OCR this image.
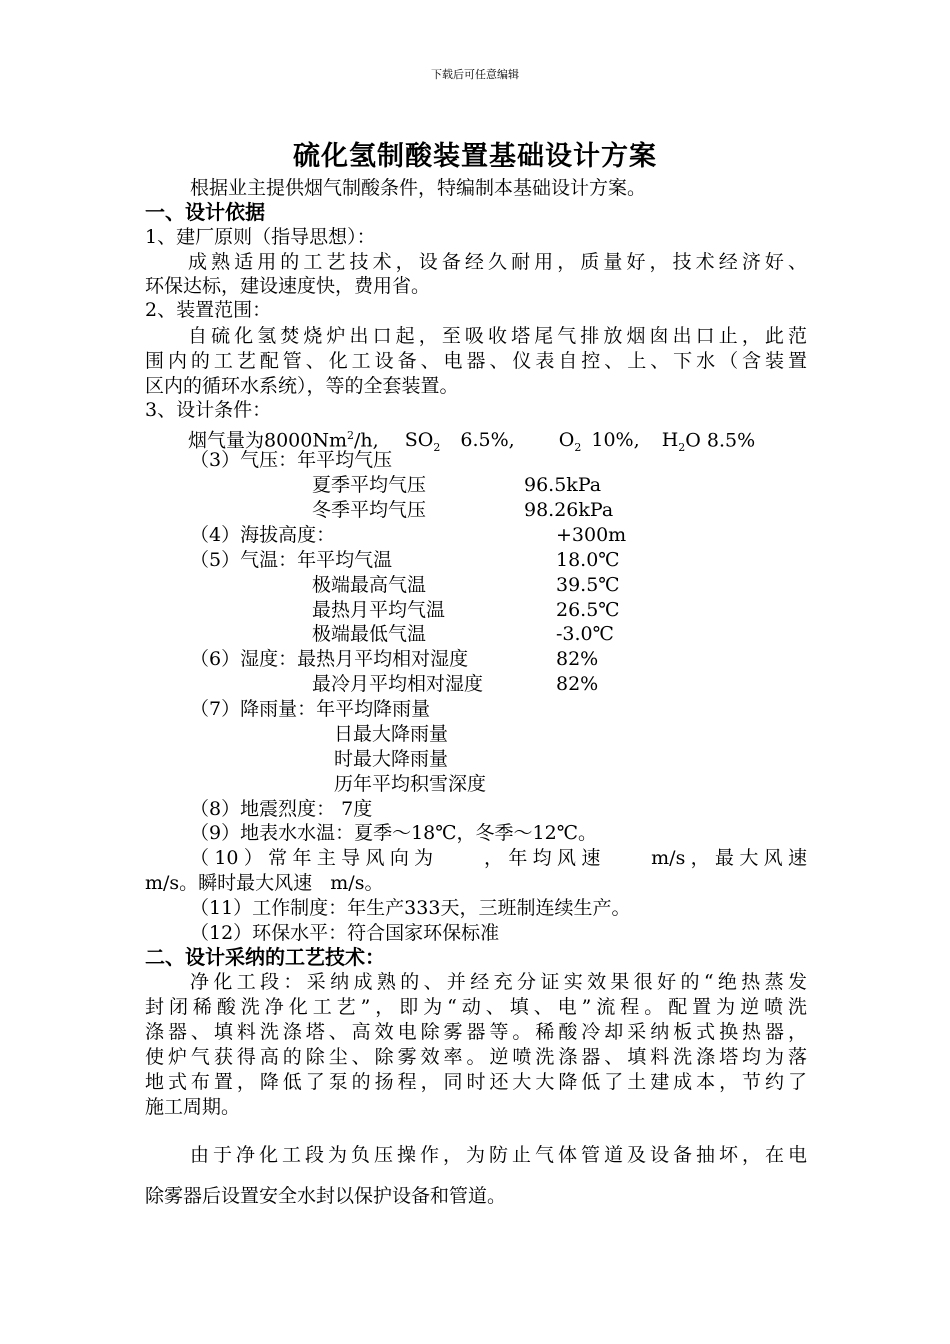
下载后可任意编辑
硫化氢制酸装置基础设计方案
根据业主提供烟气制酸条件，特编制本基础设计方案。
一、设计依据
1、建厂原则（指导思想）：
成熟适用的工艺技术，设备经久耐用，质量好，技术经济好、
环保达标，建设速度快，费用省。
2、装置范围：
自硫化氢焚烧炉出口起，至吸收塔尾气排放烟囱出口止，此范
围内的工艺配管、化工设备、电器、仪表自控、上、下水（含装置
区内的循环水系统），等的全套装置。
3、设计条件：
烟气量为8000Nm$^2$/h, $SO_2$ 6.5%, $O_2$ 10%, $H_2O$ 8.5%
（3）气压：年平均气压
夏季平均气压	96.5kPa
冬季平均气压	98.26kPa
（4）海拔高度：	+300m
（5）气温：年平均气温	18.0℃
极端最高气温	39.5℃
最热月平均气温	26.5℃
极端最低气温	-3.0℃
（6）湿度：最热月平均相对湿度	82%
最冷月平均相对湿度	82%
（7）降雨量：年平均降雨量
日最大降雨量
时最大降雨量
历年平均积雪深度
（8）地震烈度： 7度
（9）地表水水温：夏季～18℃，冬季～12℃。
（10）常年主导风向为    ，年均风速    m/s，最大风速
m/s。瞬时最大风速   m/s。
（11）工作制度：年生产333天，三班制连续生产。
（12）环保水平：符合国家环保标准
二、设计采纳的工艺技术：
净化工段：采纳成熟的、并经充分证实效果很好的“绝热蒸发
封闭稀酸洗净化工艺”，即为“动、填、电”流程。配置为逆喷洗
涤器、填料洗涤塔、高效电除雾器等。稀酸冷却采纳板式换热器，
使炉气获得高的除尘、除雾效率。逆喷洗涤器、填料洗涤塔均为落
地式布置，降低了泵的扬程，同时还大大降低了土建成本，节约了
施工周期。
由于净化工段为负压操作，为防止气体管道及设备抽坏，在电
除雾器后设置安全水封以保护设备和管道。
